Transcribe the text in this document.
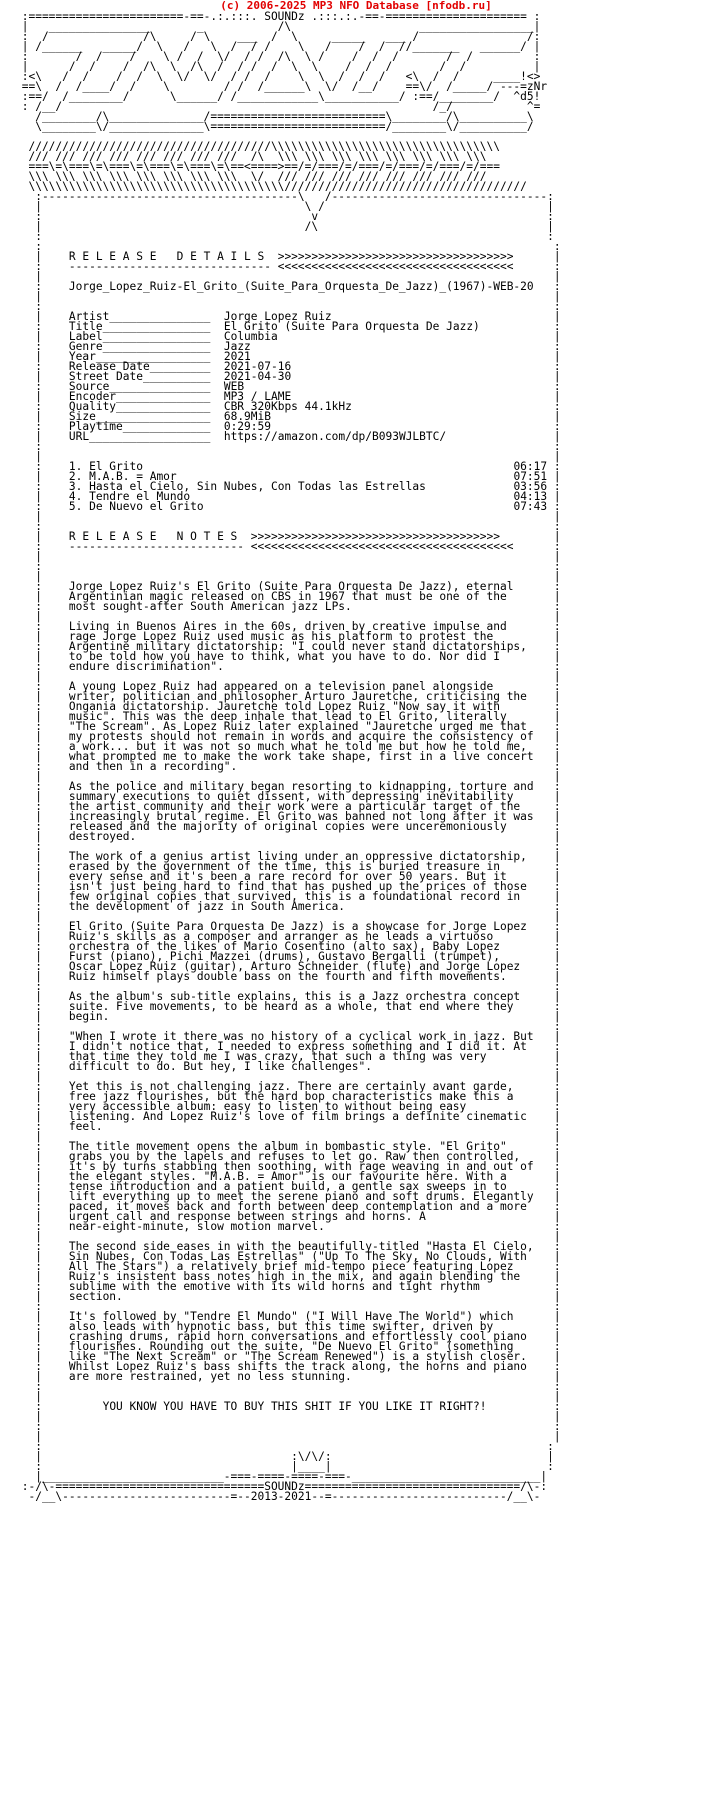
(c) 2006-2025 MP3 NFO Database [nfodb.ru]
:=======================-==-.:.:::. SOUNDz .:::.:.-==-===================== :
|   _______________       _           /\                   _________________|
:  /              /\     / \    ___  /  \     _____   ___ /                /:
| /______   _____/  \   /   \  /  / /    \   /    /  /  //_______   ______/ |
:       /  /    /    \ /  /  \/  / /  /\  \ /    /  /  /       /  /         :
|      /  /    /  /\  \  /\  /  / /  /  \  \    /  /  /       /  /          |
:<\   /  /    /  /  \  \/  \/  / /  /    \  \  /  /  /   <\  /  /     ____!<>
==\  /  /____/  /    \        / /  /______\  \/  /__/    ==\/  /_____/ ---=zNr
:==/  /________/      \______/ /____________\___________/ :==/________/  ^d5!
: /__/                                                       /_/           ^=
/________/\______________/==========================\________/\__________\
\________\/______________\==========================/________\/__________/
////////////////////////////////////\\\\\\\\\\\\\\\\\\\\\\\\\\\\\\\\\\
/// /// /// /// /// /// /// ///  /\  \\\ \\\ \\\ \\\ \\\ \\\ \\\ \\\
===\=\===\=\===\=\===\=\===\=\==<====>==/=/===/=/===/=/===/=/===/=/===
\\\ \\\ \\\ \\\ \\\ \\\ \\\ \\\  \/  /// /// /// /// /// /// /// ///
\\\\\\\\\\\\\\\\\\\\\\\\\\\\\\\\\\\\\\////////////////////////////////////
:--------------------------------------\   /--------------------------------:
|                                       \ /                                 |
:                                        v                                  :
|                                       /\                                  |
:                                                                           :
:                                                                            :
|    R E L E A S E   D E T A I L S >>>>>>>>>>>>>>>>>>>>>>>>>>>>>>>>>>>      |
:    ------------------------------ <<<<<<<<<<<<<<<<<<<<<<<<<<<<<<<<<<<      :
|                                                                            |
:    Jorge_Lopez_Ruiz-El_Grito_(Suite_Para_Orquesta_De_Jazz)_(1967)-WEB-20   :
|                                                                            |
:                                                                            :
|    Artist_______________ Jorge Lopez Ruiz                                 |
:    Title________________ El Grito (Suite Para Orquesta De Jazz)           :
|    Label________________ Columbia                                         |
:    Genre________________ Jazz                                             :
|    Year_________________ 2021                                             |
:    Release Date_________ 2021-07-16                                       :
|    Street Date__________ 2021-04-30                                       |
:    Source_______________ WEB                                              :
|    Encoder______________ MP3 / LAME                                       |
:    Quality______________ CBR 320Kbps 44.1kHz                              :
|    Size_________________ 68.9MiB                                          |
:    Playtime_____________ 0:29:59                                          :
|    URL__________________ https://amazon.com/dp/B093WJLBTC/                |
:                                                                            :
|                                                                            |
:    1. El Grito	06:17 :
|    2. M.A.B. = Amor	07:51 |
:    3. Hasta el Cielo, Sin Nubes, Con Todas las Estrellas	03:56 :
|    4. Tendre el Mundo	04:13 |
:    5. De Nuevo el Grito	07:43 :
|                                                                            |
:                                                                            :
|    R E L E A S E   N O T E S >>>>>>>>>>>>>>>>>>>>>>>>>>>>>>>>>>>>>        |
:    -------------------------- <<<<<<<<<<<<<<<<<<<<<<<<<<<<<<<<<<<<<<<      :
|                                                                            |
:                                                                            :
|                                                                            |
:    Jorge Lopez Ruiz's El Grito (Suite Para Orquesta De Jazz), eternal      :
|    Argentinian magic released on CBS in 1967 that must be one of the       |
:    most sought-after South American jazz LPs.                              :
|                                                                            |
:    Living in Buenos Aires in the 60s, driven by creative impulse and       :
|    rage Jorge Lopez Ruiz used music as his platform to protest the         |
:    Argentine military dictatorship: "I could never stand dictatorships,    :
|    to be told how you have to think, what you have to do. Nor did I        |
:    endure discrimination".                                                 :
|                                                                            |
:    A young Lopez Ruiz had appeared on a television panel alongside         :
|    writer, politician and philosopher Arturo Jauretche, criticising the    |
:    Ongania dictatorship. Jauretche told Lopez Ruiz "Now say it with        :
|    music". This was the deep inhale that lead to El Grito, literally       |
:    "The Scream". As Lopez Ruiz later explained "Jauretche urged me that    :
|    my protests should not remain in words and acquire the consistency of   |
:    a work... but it was not so much what he told me but how he told me,    :
|    what prompted me to make the work take shape, first in a live concert   |
:    and then in a recording".                                               :
|                                                                            |
:    As the police and military began resorting to kidnapping, torture and   :
|    summary executions to quiet dissent, with depressing inevitability      |
:    the artist community and their work were a particular target of the     :
|    increasingly brutal regime. El Grito was banned not long after it was   |
:    released and the majority of original copies were unceremoniously       :
|    destroyed.                                                              |
:                                                                            :
|    The work of a genius artist living under an oppressive dictatorship,    |
:    erased by the government of the time, this is buried treasure in        :
|    every sense and it's been a rare record for over 50 years. But it       |
:    isn't just being hard to find that has pushed up the prices of those    :
|    few original copies that survived, this is a foundational record in     |
:    the development of jazz in South America.                               :
|                                                                            |
:    El Grito (Suite Para Orquesta De Jazz) is a showcase for Jorge Lopez    :
|    Ruiz's skills as a composer and arranger as he leads a virtuoso         |
:    orchestra of the likes of Mario Cosentino (alto sax), Baby Lopez        :
|    Furst (piano), Pichi Mazzei (drums), Gustavo Bergalli (trumpet),        |
:    Oscar Lopez Ruiz (guitar), Arturo Schneider (flute) and Jorge Lopez     :
|    Ruiz himself plays double bass on the fourth and fifth movements.       |
:                                                                            :
|    As the album's sub-title explains, this is a Jazz orchestra concept     |
:    suite. Five movements, to be heard as a whole, that end where they      :
|    begin.                                                                  |
:                                                                            :
|    "When I wrote it there was no history of a cyclical work in jazz. But   |
:    I didn't notice that, I needed to express something and I did it. At    :
|    that time they told me I was crazy, that such a thing was very          |
:    difficult to do. But hey, I like challenges".                           :
|                                                                            |
:    Yet this is not challenging jazz. There are certainly avant garde,      :
|    free jazz flourishes, but the hard bop characteristics make this a      |
:    very accessible album: easy to listen to without being easy             :
|    listening. And Lopez Ruiz's love of film brings a definite cinematic    |
:    feel.                                                                   :
|                                                                            |
:    The title movement opens the album in bombastic style. "El Grito"       :
|    grabs you by the lapels and refuses to let go. Raw then controlled,     |
:    it's by turns stabbing then soothing, with rage weaving in and out of   :
|    the elegant styles. "M.A.B. = Amor" is our favourite here. With a       |
:    tense introduction and a patient build, a gentle sax sweeps in to       :
|    lift everything up to meet the serene piano and soft drums. Elegantly   |
:    paced, it moves back and forth between deep contemplation and a more    :
|    urgent call and response between strings and horns. A                   |
:    near-eight-minute, slow motion marvel.                                  :
|                                                                            |
:    The second side eases in with the beautifully-titled "Hasta El Cielo,   :
|    Sin Nubes, Con Todas Las Estrellas" ("Up To The Sky, No Clouds, With    |
:    All The Stars") a relatively brief mid-tempo piece featuring Lopez      :
|    Ruiz's insistent bass notes high in the mix, and again blending the     |
:    sublime with the emotive with its wild horns and tight rhythm           :
|    section.                                                                |
:                                                                            :
|    It's followed by "Tendre El Mundo" ("I Will Have The World") which      |
:    also leads with hypnotic bass, but this time swifter, driven by         :
|    crashing drums, rapid horn conversations and effortlessly cool piano    |
:    flourishes. Rounding out the suite, "De Nuevo El Grito" (something      :
|    like "The Next Scream" or "The Scream Renewed") is a stylish closer.    |
:    Whilst Lopez Ruiz's bass shifts the track along, the horns and piano    :
|    are more restrained, yet no less stunning.                              |
:                                                                            :
|                                                                            |
:	YOU KNOW YOU HAVE TO BUY THIS SHIT IF YOU LIKE IT RIGHT?!          :
|                                                                            |
:                                                                            :
|                                                                            |
:                                                                           :
|                                     :\/\/:                                |
:                                     |____|                                :
|___________________________-===-====-====-===-____________________________|
:-/\-===============================SOUNDz================================/\-:
-/__\-------------------------=--2013-2021--=--------------------------/__\-
